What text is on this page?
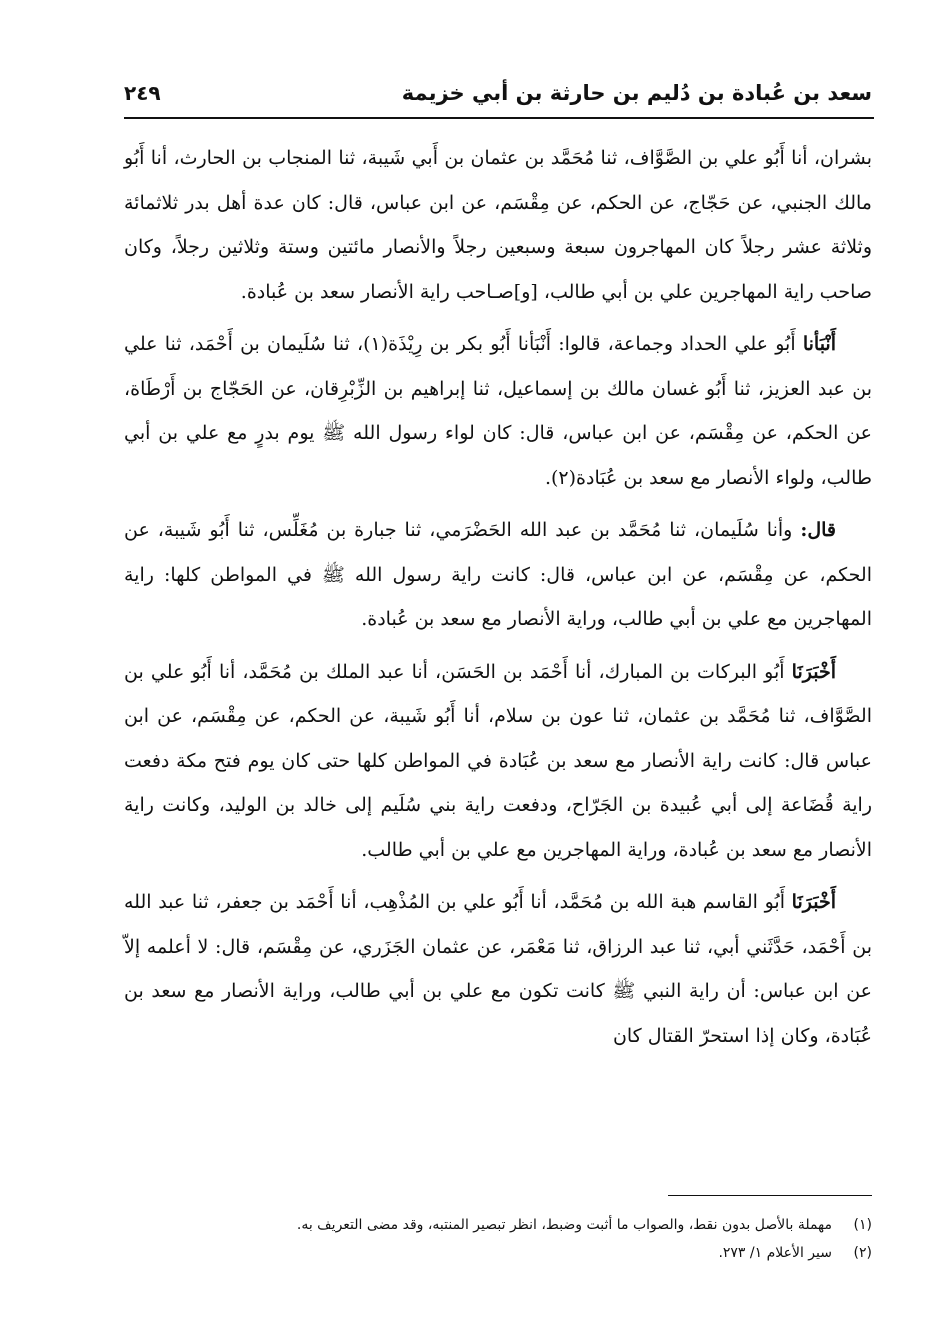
سعد بن عُبادة بن دُليم بن حارثة بن أبي خزيمة
٢٤٩

بشران، أنا أَبُو علي بن الصَّوَّاف، ثنا مُحَمَّد بن عثمان بن أَبي شَيبة، ثنا المنجاب بن الحارث، أنا أَبُو مالك الجنبي، عن حَجّاج، عن الحكم، عن مِقْسَم، عن ابن عباس، قال: كان عدة أهل بدر ثلاثمائة وثلاثة عشر رجلاً كان المهاجرون سبعة وسبعين رجلاً والأنصار مائتين وستة وثلاثين رجلاً، وكان صاحب راية المهاجرين علي بن أبي طالب، [و]صـاحب راية الأنصار سعد بن عُبادة.

أَنْبَأنا أَبُو علي الحداد وجماعة، قالوا: أَنْبَأنا أَبُو بكر بن رِيْذَة(١)، ثنا سُلَيمان بن أَحْمَد، ثنا علي بن عبد العزيز، ثنا أَبُو غسان مالك بن إسماعيل، ثنا إبراهيم بن الزِّبْرِقان، عن الحَجّاج بن أَرْطَاة، عن الحكم، عن مِقْسَم، عن ابن عباس، قال: كان لواء رسول الله ﷺ يوم بدرٍ مع علي بن أبي طالب، ولواء الأنصار مع سعد بن عُبَادة(٢).

قال: وأنا سُلَيمان، ثنا مُحَمَّد بن عبد الله الحَضْرَمي، ثنا جبارة بن مُغَلِّس، ثنا أَبُو شَيبة، عن الحكم، عن مِقْسَم، عن ابن عباس، قال: كانت راية رسول الله ﷺ في المواطن كلها: راية المهاجرين مع علي بن أبي طالب، وراية الأنصار مع سعد بن عُبادة.

أَخْبَرَنَا أَبُو البركات بن المبارك، أنا أَحْمَد بن الحَسَن، أنا عبد الملك بن مُحَمَّد، أنا أَبُو علي بن الصَّوَّاف، ثنا مُحَمَّد بن عثمان، ثنا عون بن سلام، أنا أَبُو شَيبة، عن الحكم، عن مِقْسَم، عن ابن عباس قال: كانت راية الأنصار مع سعد بن عُبَادة في المواطن كلها حتى كان يوم فتح مكة دفعت راية قُضَاعة إلى أبي عُبيدة بن الجَرّاح، ودفعت راية بني سُلَيم إلى خالد بن الوليد، وكانت راية الأنصار مع سعد بن عُبادة، وراية المهاجرين مع علي بن أبي طالب.

أَخْبَرَنَا أَبُو القاسم هبة الله بن مُحَمَّد، أنا أَبُو علي بن المُذْهِب، أنا أَحْمَد بن جعفر، ثنا عبد الله بن أَحْمَد، حَدَّثَني أبي، ثنا عبد الرزاق، ثنا مَعْمَر، عن عثمان الجَزَري، عن مِقْسَم، قال: لا أعلمه إلاّ عن ابن عباس: أن راية النبي ﷺ كانت تكون مع علي بن أبي طالب، وراية الأنصار مع سعد بن عُبَادة، وكان إذا استحرّ القتال كان

(١)
مهملة بالأصل بدون نقط، والصواب ما أثبت وضبط، انظر تبصير المنتبه، وقد مضى التعريف به.
(٢)
سير الأعلام ١/ ٢٧٣.
